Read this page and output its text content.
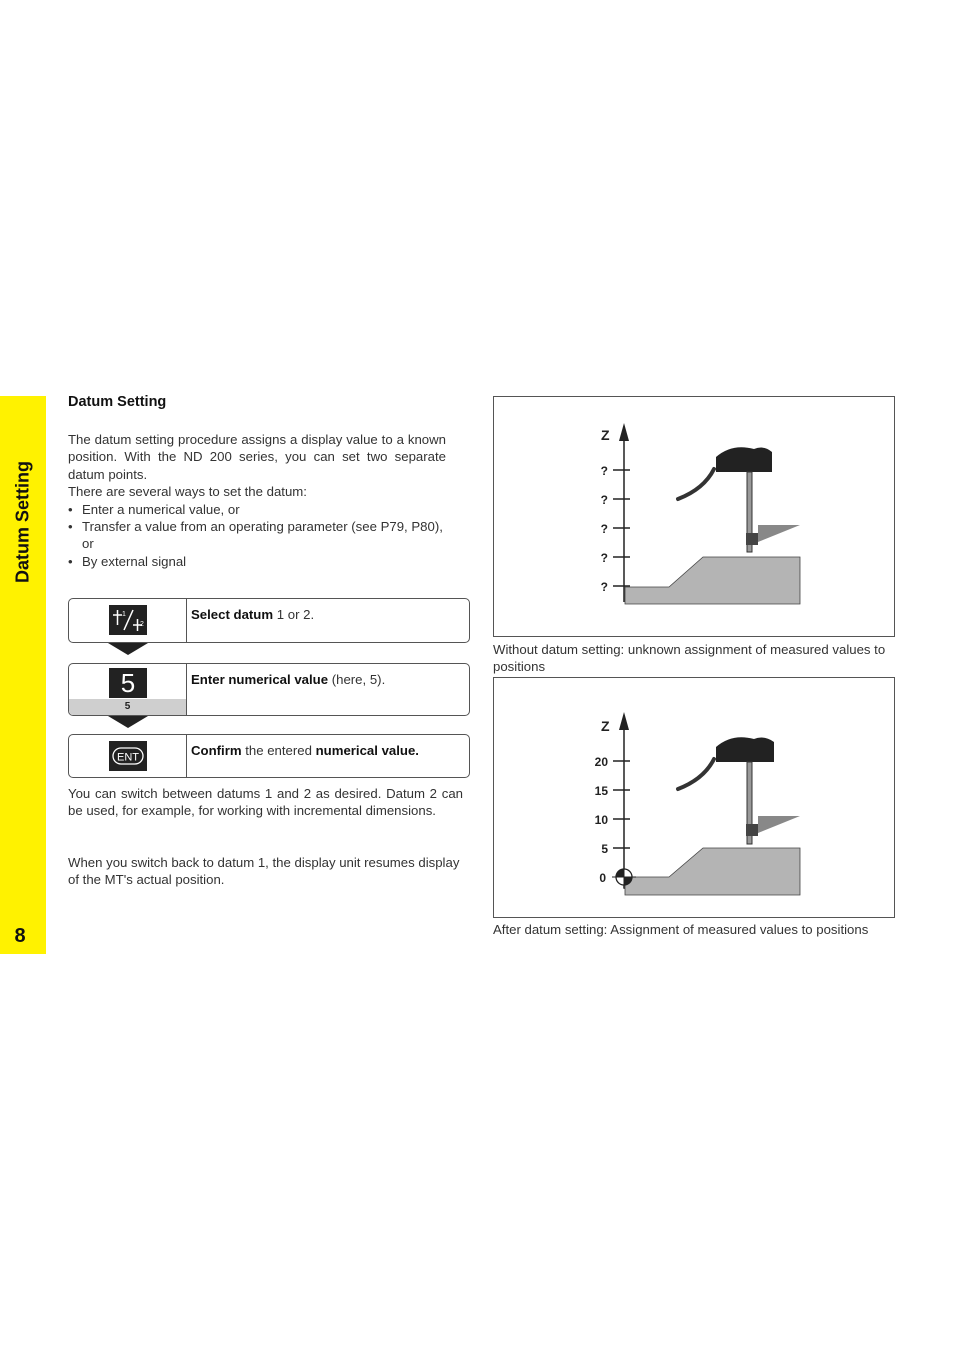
Datum Setting
8
Datum Setting

The datum setting procedure assigns a display value to a known position. With the ND 200 series, you can set two separate datum points.

There are several ways to set the datum:

• Enter a numerical value, or
• Transfer a value from an operating parameter (see P79, P80), or
• By external signal
1
2
Select datum 1 or 2.
5
5
Enter numerical value (here, 5).
ENT	Confirm the entered numerical value.
You can switch between datums 1 and 2 as desired. Datum 2 can be used, for example, for working with incremental dimensions.
When you switch back to datum 1, the display unit resumes display of the MT's actual position.
Z
?
?
?
?
?
Without datum setting: unknown assignment of measured values to positions
Z
20
15
10
5
0
After datum setting: Assignment of measured values to positions
